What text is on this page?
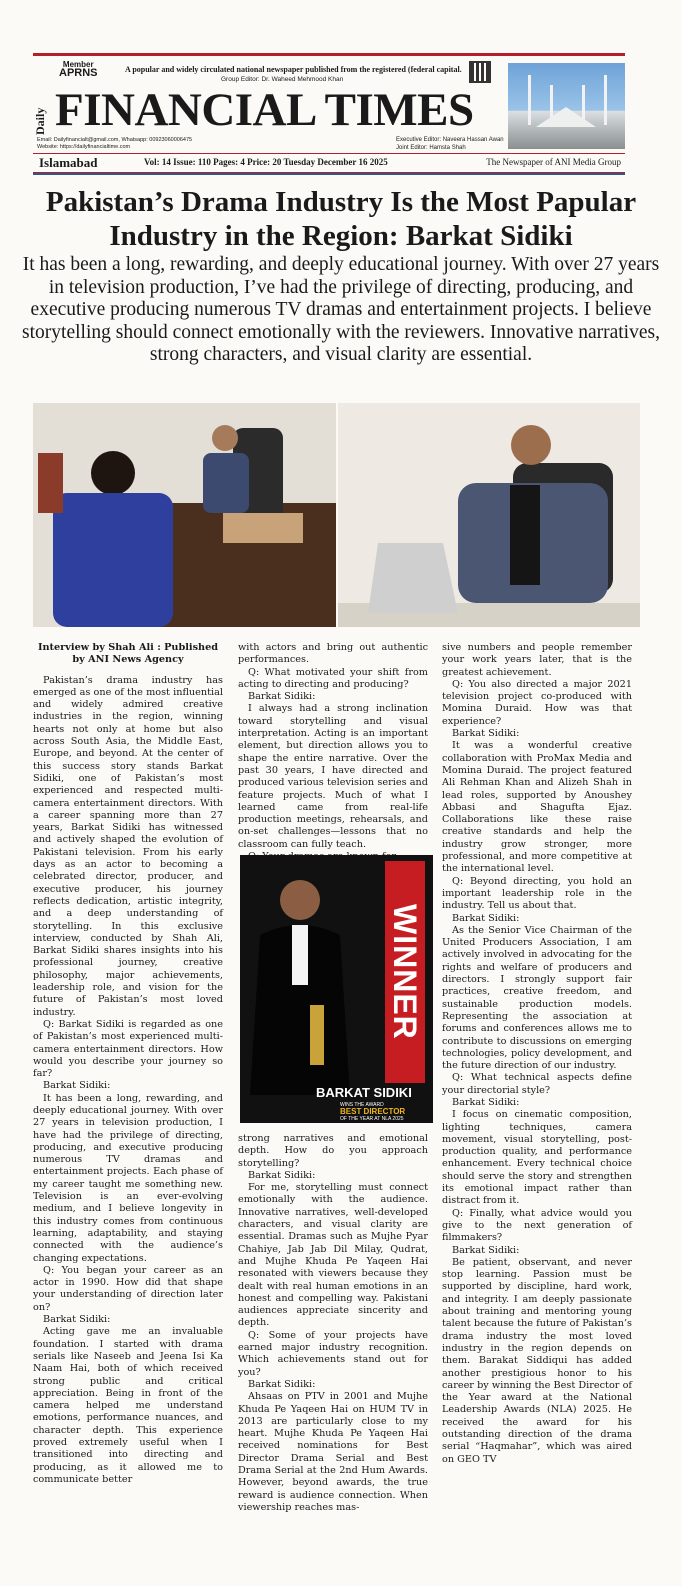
Member
APRNS	A popular and widely circulated national newspaper published from the registered (federal capital.
Group Editor: Dr. Waheed Mehmood Khan
Daily FINANCIAL TIMES
Email: Dailyfinancialt@gmail.com, Whatsapp: 00923060006475
Website: https://dailyfinancialtime.com
Executive Editor: Naveera Hassan Awan
Joint Editor: Hamsta Shah
Islamabad	Vol: 14 Issue: 110 Pages: 4 Price: 20 Tuesday December 16 2025	The Newspaper of ANI Media Group
Pakistan’s Drama Industry Is the Most Papular Industry in the Region: Barkat Sidiki

It has been a long, rewarding, and deeply educational journey. With over 27 years in television production, I’ve had the privilege of directing, producing, and executive producing numerous TV dramas and entertainment projects. I believe storytelling should connect emotionally with the reviewers. Innovative narratives, strong characters, and visual clarity are essential.

Interview by Shah Ali : Published by ANI News Agency

Pakistan’s drama industry has emerged as one of the most influential and widely admired creative industries in the region, winning hearts not only at home but also across South Asia, the Middle East, Europe, and beyond. At the center of this success story stands Barkat Sidiki, one of Pakistan’s most experienced and respected multi-camera entertainment directors. With a career spanning more than 27 years, Barkat Sidiki has witnessed and actively shaped the evolution of Pakistani television. From his early days as an actor to becoming a celebrated director, producer, and executive producer, his journey reflects dedication, artistic integrity, and a deep understanding of storytelling. In this exclusive interview, conducted by Shah Ali, Barkat Sidiki shares insights into his professional journey, creative philosophy, major achievements, leadership role, and vision for the future of Pakistan’s most loved industry.

Q: Barkat Sidiki is regarded as one of Pakistan’s most experienced multi-camera entertainment directors. How would you describe your journey so far?

Barkat Sidiki:

It has been a long, rewarding, and deeply educational journey. With over 27 years in television production, I have had the privilege of directing, producing, and executive producing numerous TV dramas and entertainment projects. Each phase of my career taught me something new. Television is an ever-evolving medium, and I believe longevity in this industry comes from continuous learning, adaptability, and staying connected with the audience’s changing expectations.

Q: You began your career as an actor in 1990. How did that shape your understanding of direction later on?

Barkat Sidiki:

Acting gave me an invaluable foundation. I started with drama serials like Naseeb and Jeena Isi Ka Naam Hai, both of which received strong public and critical appreciation. Being in front of the camera helped me understand emotions, performance nuances, and character depth. This experience proved extremely useful when I transitioned into directing and producing, as it allowed me to communicate better

with actors and bring out authentic performances.

Q: What motivated your shift from acting to directing and producing?

Barkat Sidiki:

I always had a strong inclination toward storytelling and visual interpretation. Acting is an important element, but direction allows you to shape the entire narrative. Over the past 30 years, I have directed and produced various television series and feature projects. Much of what I learned came from real-life production meetings, rehearsals, and on-set challenges—lessons that no classroom can fully teach.

WINNER
BARKAT SIDIKI
WINS THE AWARD
BEST DIRECTOR
OF THE YEAR AT NLA 2025

strong narratives and emotional depth. How do you approach storytelling?

Barkat Sidiki:

For me, storytelling must connect emotionally with the audience. Innovative narratives, well-developed characters, and visual clarity are essential. Dramas such as Mujhe Pyar Chahiye, Jab Jab Dil Milay, Qudrat, and Mujhe Khuda Pe Yaqeen Hai resonated with viewers because they dealt with real human emotions in an honest and compelling way. Pakistani audiences appreciate sincerity and depth.

Q: Some of your projects have earned major industry recognition. Which achievements stand out for you?

Barkat Sidiki:

Ahsaas on PTV in 2001 and Mujhe Khuda Pe Yaqeen Hai on HUM TV in 2013 are particularly close to my heart. Mujhe Khuda Pe Yaqeen Hai received nominations for Best Director Drama Serial and Best Drama Serial at the 2nd Hum Awards. However, beyond awards, the true reward is audience connection. When viewership reaches mas-

sive numbers and people remember your work years later, that is the greatest achievement.

Q: You also directed a major 2021 television project co-produced with Momina Duraid. How was that experience?

Barkat Sidiki:

It was a wonderful creative collaboration with ProMax Media and Momina Duraid. The project featured Ali Rehman Khan and Alizeh Shah in lead roles, supported by Anoushey Abbasi and Shagufta Ejaz. Collaborations like these raise creative standards and help the industry grow stronger, more professional, and more competitive at the international level.

Q: Beyond directing, you hold an important leadership role in the industry. Tell us about that.

Barkat Sidiki:

As the Senior Vice Chairman of the United Producers Association, I am actively involved in advocating for the rights and welfare of producers and directors. I strongly support fair practices, creative freedom, and sustainable production models. Representing the association at forums and conferences allows me to contribute to discussions on emerging technologies, policy development, and the future direction of our industry.

Q: What technical aspects define your directorial style?

Barkat Sidiki:

I focus on cinematic composition, lighting techniques, camera movement, visual storytelling, post-production quality, and performance enhancement. Every technical choice should serve the story and strengthen its emotional impact rather than distract from it.

Q: Finally, what advice would you give to the next generation of filmmakers?

Barkat Sidiki:

Be patient, observant, and never stop learning. Passion must be supported by discipline, hard work, and integrity. I am deeply passionate about training and mentoring young talent because the future of Pakistan’s drama industry the most loved industry in the region depends on them. Barakat Siddiqui has added another prestigious honor to his career by winning the Best Director of the Year award at the National Leadership Awards (NLA) 2025. He received the award for his outstanding direction of the drama serial “Haqmahar”, which was aired on GEO TV
